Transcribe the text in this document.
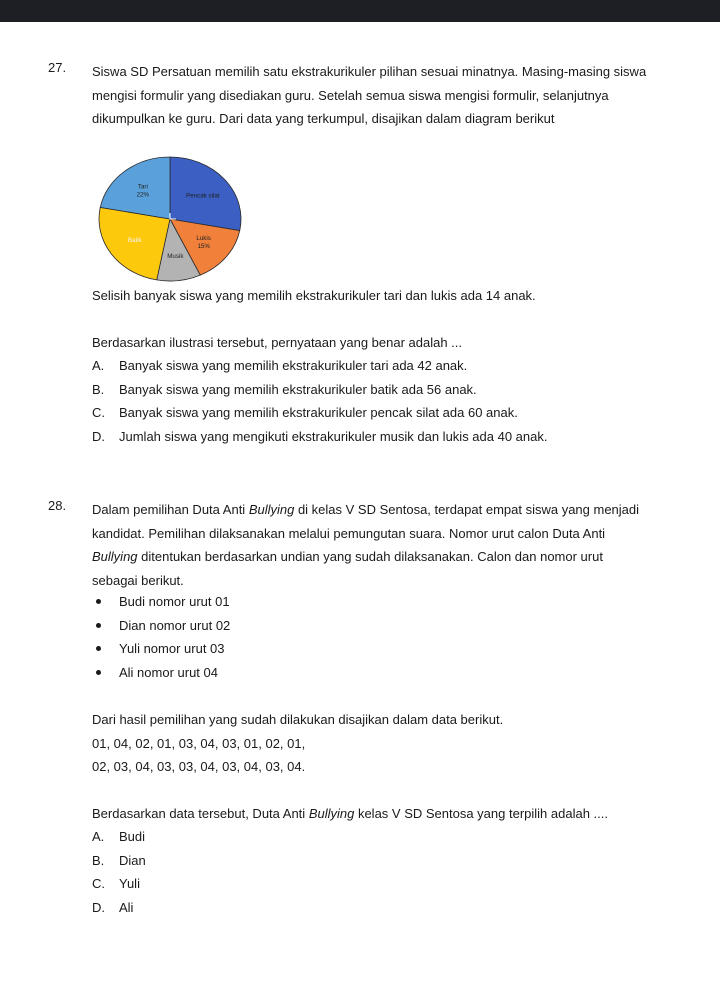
27. Siswa SD Persatuan memilih satu ekstrakurikuler pilihan sesuai minatnya. Masing-masing siswa

mengisi formulir yang disediakan guru. Setelah semua siswa mengisi formulir, selanjutnya

dikumpulkan ke guru. Dari data yang terkumpul, disajikan dalam diagram berikut

Pencak silat
Lukis
15%
Musik
Batik
Tari
22%
Selisih banyak siswa yang memilih ekstrakurikuler tari dan lukis ada 14 anak.
Berdasarkan ilustrasi tersebut, pernyataan yang benar adalah ...
A.	Banyak siswa yang memilih ekstrakurikuler tari ada 42 anak.
B.	Banyak siswa yang memilih ekstrakurikuler batik ada 56 anak.
C.	Banyak siswa yang memilih ekstrakurikuler pencak silat ada 60 anak.
D.	Jumlah siswa yang mengikuti ekstrakurikuler musik dan lukis ada 40 anak.
28. Dalam pemilihan Duta Anti Bullying di kelas V SD Sentosa, terdapat empat siswa yang menjadi

kandidat. Pemilihan dilaksanakan melalui pemungutan suara. Nomor urut calon Duta Anti

Bullying ditentukan berdasarkan undian yang sudah dilaksanakan. Calon dan nomor urut

sebagai berikut.

Budi nomor urut 01
Dian nomor urut 02
Yuli nomor urut 03
Ali nomor urut 04
Dari hasil pemilihan yang sudah dilakukan disajikan dalam data berikut.
01, 04, 02, 01, 03, 04, 03, 01, 02, 01,
02, 03, 04, 03, 03, 04, 03, 04, 03, 04.
Berdasarkan data tersebut, Duta Anti Bullying kelas V SD Sentosa yang terpilih adalah ....
A.	Budi
B.	Dian
C.	Yuli
D.	Ali
